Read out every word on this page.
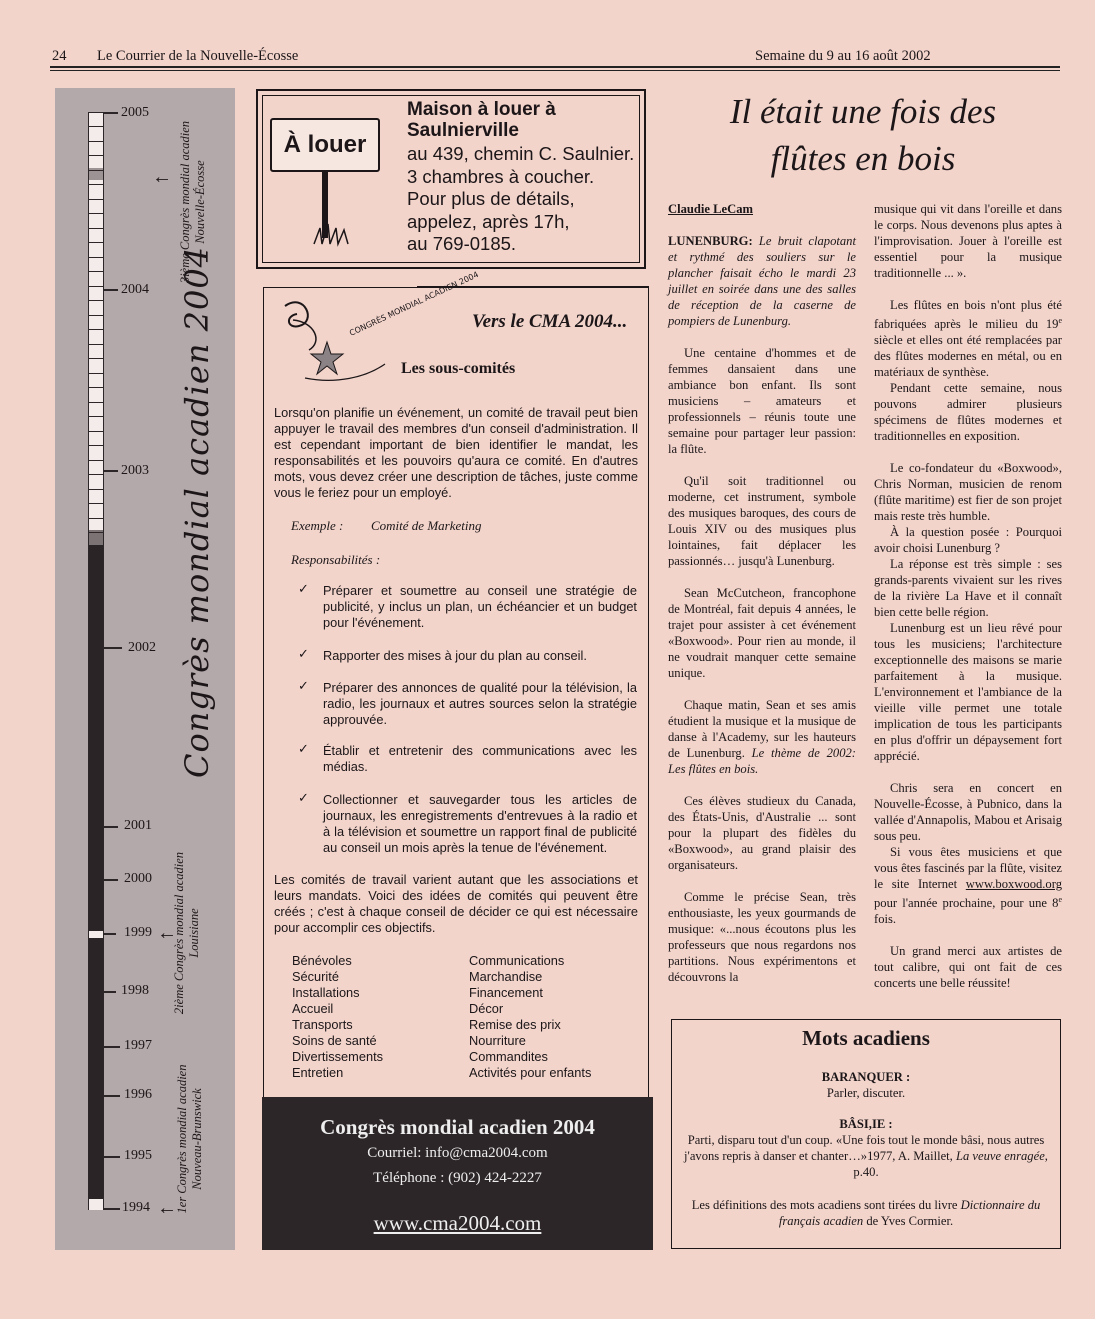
24 Le Courrier de la Nouvelle-Écosse	Semaine du 9 au 16 août 2002
2005
2004
2003
2002
2001
2000
1999
1998
1997
1996
1995
1994
←
←
←
Congrès mondial acadien 2004
3ième Congrès mondial acadien Nouvelle-Écosse
2ième Congrès mondial acadien Louisiane
1er Congrès mondial acadien Nouveau-Brunswick
À louer
Maison à louer à
Saulnierville
au 439, chemin C. Saulnier.
3 chambres à coucher.
Pour plus de détails,
appelez, après 17h,
au 769-0185.
CONGRÈS MONDIAL ACADIEN 2004
Vers le CMA 2004...
Les sous-comités
Lorsqu'on planifie un événement, un comité de travail peut bien appuyer le travail des membres d'un conseil d'administration. Il est cependant important de bien identifier le mandat, les responsabilités et les pouvoirs qu'aura ce comité. En d'autres mots, vous devez créer une description de tâches, juste comme vous le feriez pour un employé.
Exemple : Comité de Marketing
Responsabilités :
✓ Préparer et soumettre au conseil une stratégie de publicité, y inclus un plan, un échéancier et un budget pour l'événement.
✓ Rapporter des mises à jour du plan au conseil.
✓ Préparer des annonces de qualité pour la télévision, la radio, les journaux et autres sources selon la stratégie approuvée.
✓ Établir et entretenir des communications avec les médias.
✓ Collectionner et sauvegarder tous les articles de journaux, les enregistrements d'entrevues à la radio et à la télévision et soumettre un rapport final de publicité au conseil un mois après la tenue de l'événement.
Les comités de travail varient autant que les associations et leurs mandats. Voici des idées de comités qui peuvent être créés ; c'est à chaque conseil de décider ce qui est nécessaire pour accomplir ces objectifs.
Bénévoles
Sécurité
Installations
Accueil
Transports
Soins de santé
Divertissements
Entretien
Communications
Marchandise
Financement
Décor
Remise des prix
Nourriture
Commandites
Activités pour enfants
Congrès mondial acadien 2004
Courriel: info@cma2004.com
Téléphone : (902) 424-2227
www.cma2004.com
Il était une fois des
flûtes en bois

Claudie LeCam

LUNENBURG: Le bruit clapotant et rythmé des souliers sur le plancher faisait écho le mardi 23 juillet en soirée dans une des salles de réception de la caserne de pompiers de Lunenburg.

Une centaine d'hommes et de femmes dansaient dans une ambiance bon enfant. Ils sont musiciens – amateurs et professionnels – réunis toute une semaine pour partager leur passion: la flûte.

Qu'il soit traditionnel ou moderne, cet instrument, symbole des musiques baroques, des cours de Louis XIV ou des musiques plus lointaines, fait déplacer les passionnés… jusqu'à Lunenburg.

Sean McCutcheon, francophone de Montréal, fait depuis 4 années, le trajet pour assister à cet événement «Boxwood». Pour rien au monde, il ne voudrait manquer cette semaine unique.

Chaque matin, Sean et ses amis étudient la musique et la musique de danse à l'Academy, sur les hauteurs de Lunenburg. Le thème de 2002: Les flûtes en bois.

Ces élèves studieux du Canada, des États-Unis, d'Australie ... sont pour la plupart des fidèles du «Boxwood», au grand plaisir des organisateurs.

Comme le précise Sean, très enthousiaste, les yeux gourmands de musique: «...nous écoutons plus les professeurs que nous regardons nos partitions. Nous expérimentons et découvrons la

musique qui vit dans l'oreille et dans le corps. Nous devenons plus aptes à l'improvisation. Jouer à l'oreille est essentiel pour la musique traditionnelle ... ».

Les flûtes en bois n'ont plus été fabriquées après le milieu du 19e siècle et elles ont été remplacées par des flûtes modernes en métal, ou en matériaux de synthèse.

Pendant cette semaine, nous pouvons admirer plusieurs spécimens de flûtes modernes et traditionnelles en exposition.

Le co-fondateur du «Boxwood», Chris Norman, musicien de renom (flûte maritime) est fier de son projet mais reste très humble.

À la question posée : Pourquoi avoir choisi Lunenburg ?

La réponse est très simple : ses grands-parents vivaient sur les rives de la rivière La Have et il connaît bien cette belle région.

Lunenburg est un lieu rêvé pour tous les musiciens; l'architecture exceptionnelle des maisons se marie parfaitement à la musique. L'environnement et l'ambiance de la vieille ville permet une totale implication de tous les participants en plus d'offrir un dépaysement fort apprécié.

Chris sera en concert en Nouvelle-Écosse, à Pubnico, dans la vallée d'Annapolis, Mabou et Arisaig sous peu.

Si vous êtes musiciens et que vous êtes fascinés par la flûte, visitez le site Internet www.boxwood.org pour l'année prochaine, pour une 8e fois.

Un grand merci aux artistes de tout calibre, qui ont fait de ces concerts une belle réussite!

Mots acadiens
BARANQUER :
Parler, discuter.
BÂSI,IE :
Parti, disparu tout d'un coup. «Une fois tout le monde bâsi, nous autres j'avons repris à danser et chanter…»1977, A. Maillet, La veuve enragée, p.40.
Les définitions des mots acadiens sont tirées du livre Dictionnaire du français acadien de Yves Cormier.
